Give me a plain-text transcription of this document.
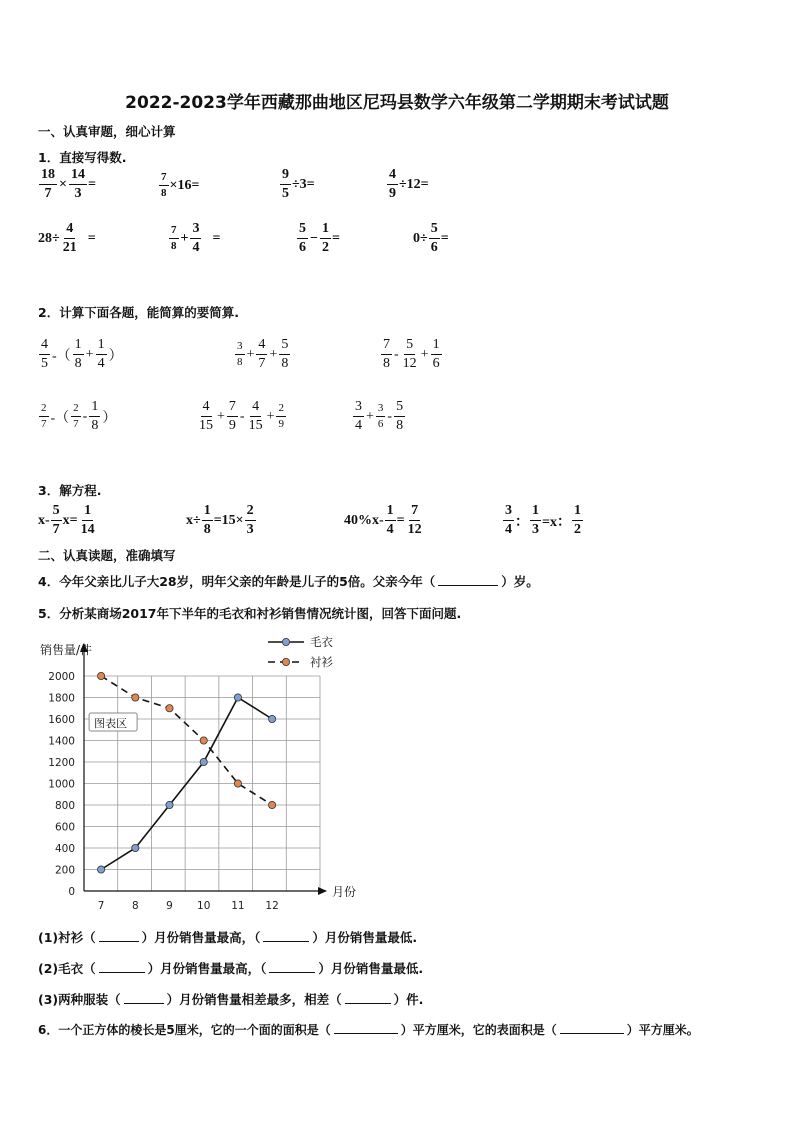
2022-2023学年西藏那曲地区尼玛县数学六年级第二学期期末考试试题
一、认真审题，细心计算
1．直接写得数.
$\frac{18}{7} \times \frac{14}{3}$ =	$\frac{7}{8} \times 16=$	$\frac{9}{5} \div 3=$	$\frac{4}{9} \div 12=$
$28\div \frac{4}{21}$ =	$\frac{7}{8} + \frac{3}{4}$ =	$\frac{5}{6} - \frac{1}{2}$ =	$0\div \frac{5}{6}$ =
2．计算下面各题，能简算的要简算.
$\frac{4}{5}$ -（ $\frac{1}{8} + \frac{1}{4}$ ）	$\frac{3}{8} + \frac{4}{7} + \frac{5}{8}$	$\frac{7}{8} - \frac{5}{12} + \frac{1}{6}$
$\frac{2}{7}$ -（ $\frac{2}{7} - \frac{1}{8}$ ）	$\frac{4}{15} + \frac{7}{9} - \frac{4}{15} + \frac{2}{9}$	$\frac{3}{4} + \frac{3}{6} - \frac{5}{8}$
3．解方程.
$x- \frac{5}{7} x= \frac{1}{14}$	$x\div \frac{1}{8} =15\times \frac{2}{3}$	$40\%x- \frac{1}{4} = \frac{7}{12}$	$\frac{3}{4}$ ： $\frac{1}{3} =x$： $\frac{1}{2}$
二、认真读题，准确填写
4．今年父亲比儿子大28岁，明年父亲的年龄是儿子的5倍。父亲今年（	）岁。
5．分析某商场2017年下半年的毛衣和衬衫销售情况统计图，回答下面问题.
0
200
400
600
800
1000
1200
1400
1600
1800
2000
销售量/件
月份
7	8	9 10 11 12
图表区
毛衣
衬衫
(1)衬衫（	）月份销售量最高，（	）月份销售量最低.
(2)毛衣（	）月份销售量最高，（	）月份销售量最低.
(3)两种服装（	）月份销售量相差最多，相差（	）件.
6．一个正方体的棱长是5厘米，它的一个面的面积是（	）平方厘米，它的表面积是（	）平方厘米。
